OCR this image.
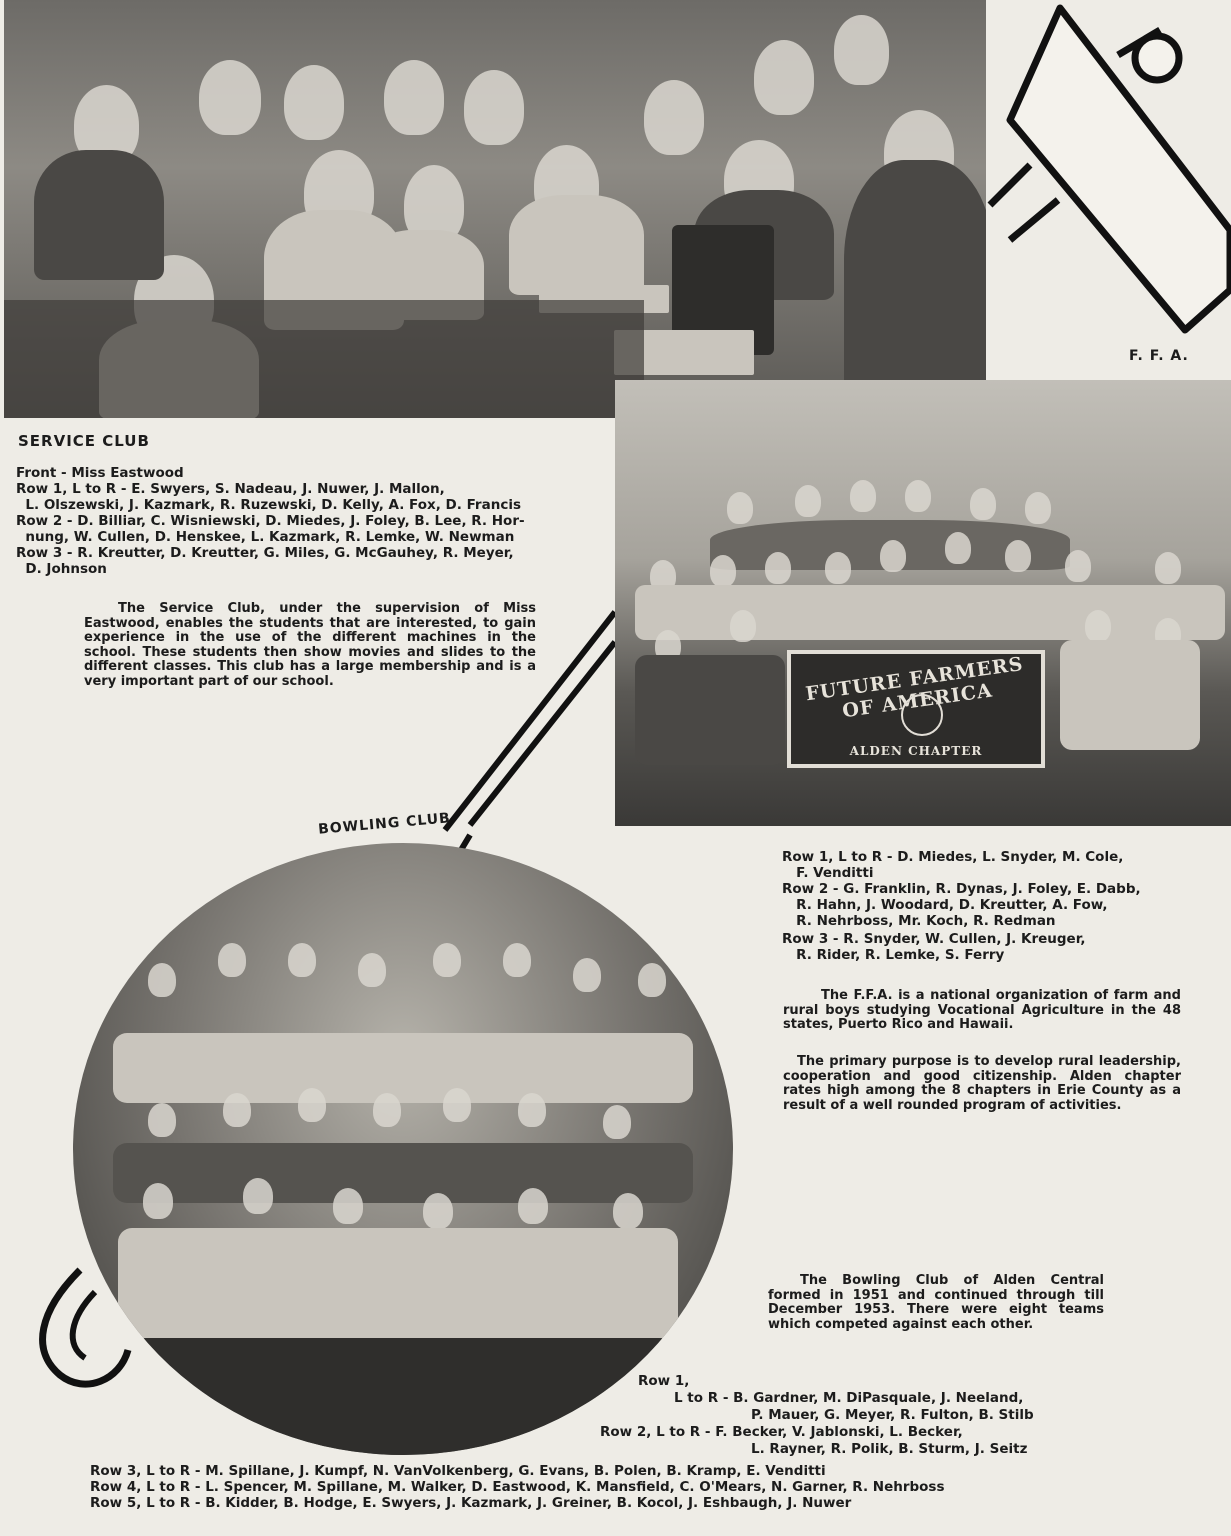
F. F. A.
FUTURE FARMERS OF AMERICA
ALDEN CHAPTER
SERVICE CLUB
Front - Miss Eastwood
Row 1, L to R - E. Swyers, S. Nadeau, J. Nuwer, J. Mallon,
L. Olszewski, J. Kazmark, R. Ruzewski, D. Kelly, A. Fox, D. Francis
Row 2 - D. Billiar, C. Wisniewski, D. Miedes, J. Foley, B. Lee, R. Hor-
nung, W. Cullen, D. Henskee, L. Kazmark, R. Lemke, W. Newman
Row 3 - R. Kreutter, D. Kreutter, G. Miles, G. McGauhey, R. Meyer,
D. Johnson
The Service Club, under the supervision of Miss Eastwood, enables the students that are interested, to gain experience in the use of the different machines in the school. These students then show movies and slides to the different classes. This club has a large membership and is a very important part of our school.
BOWLING CLUB
The Bowling Club of Alden Central formed in 1951 and continued through till December 1953. There were eight teams which competed against each other.
Row 1,
L to R - B. Gardner, M. DiPasquale, J. Neeland,
P. Mauer, G. Meyer, R. Fulton, B. Stilb
Row 2, L to R - F. Becker, V. Jablonski, L. Becker,
L. Rayner, R. Polik, B. Sturm, J. Seitz
Row 3, L to R - M. Spillane, J. Kumpf, N. VanVolkenberg, G. Evans, B. Polen, B. Kramp, E. Venditti
Row 4, L to R - L. Spencer, M. Spillane, M. Walker, D. Eastwood, K. Mansfield, C. O'Mears, N. Garner, R. Nehrboss
Row 5, L to R - B. Kidder, B. Hodge, E. Swyers, J. Kazmark, J. Greiner, B. Kocol, J. Eshbaugh, J. Nuwer
Row 1, L to R - D. Miedes, L. Snyder, M. Cole,
F. Venditti
Row 2 - G. Franklin, R. Dynas, J. Foley, E. Dabb,
R. Hahn, J. Woodard, D. Kreutter, A. Fow,
R. Nehrboss, Mr. Koch, R. Redman
Row 3 - R. Snyder, W. Cullen, J. Kreuger,
R. Rider, R. Lemke, S. Ferry
The F.F.A. is a national organization of farm and rural boys studying Vocational Agriculture in the 48 states, Puerto Rico and Hawaii.
The primary purpose is to develop rural leadership, cooperation and good citizenship. Alden chapter rates high among the 8 chapters in Erie County as a result of a well rounded program of activities.
